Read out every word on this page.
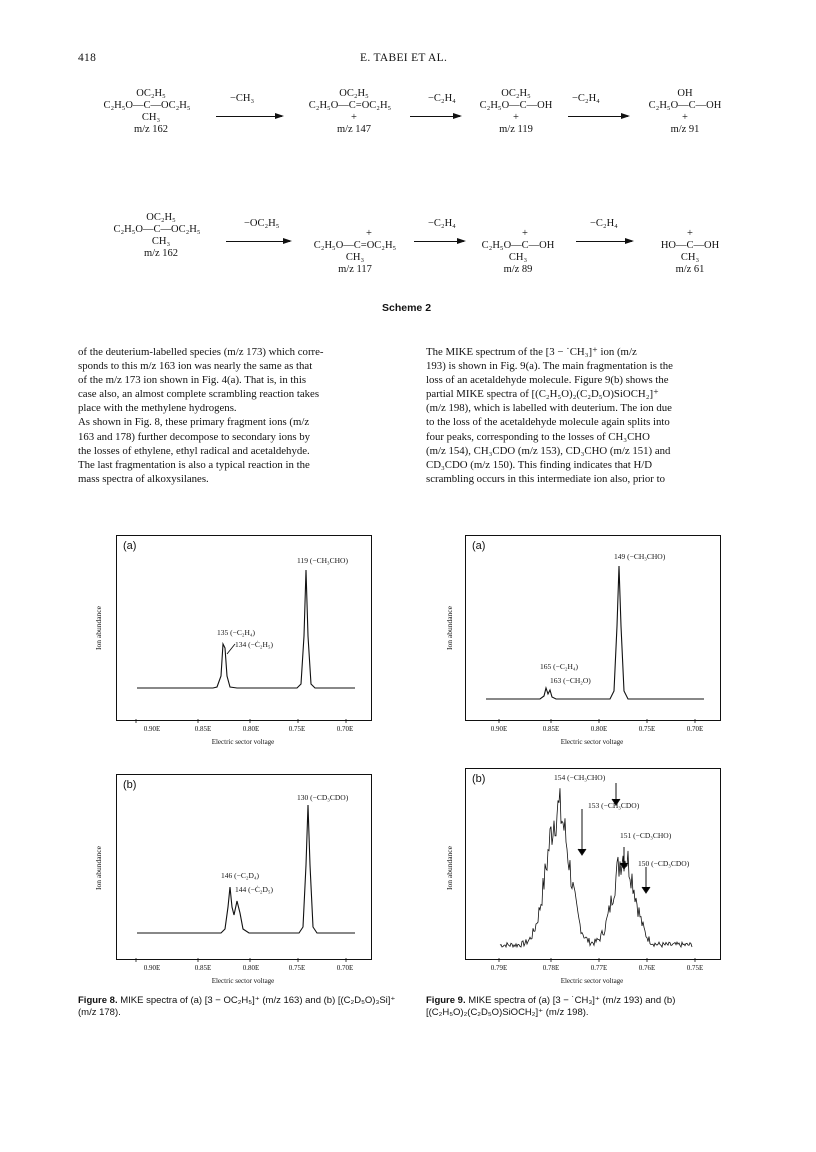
418	E. TABEI ET AL.
OC₂H₅
C₂H₅O—C—OC₂H₅
CH₃
m/z 162
−CH₃	OC₂H₅
C₂H₅O—C=OC₂H₅
+
m/z 147
−C₂H₄	OC₂H₅
C₂H₅O—C—OH
+
m/z 119
−C₂H₄	OH
C₂H₅O—C—OH
+
m/z 91
OC₂H₅
C₂H₅O—C—OC₂H₅
CH₃
m/z 162
−OC₂H₅
+
C₂H₅O—C=OC₂H₅
CH₃
m/z 117
−C₂H₄
+
C₂H₅O—C—OH
CH₃
m/z 89
−C₂H₄
+
HO—C—OH
CH₃
m/z 61
Scheme 2
of the deuterium-labelled species (m/z 173) which corre-
sponds to this m/z 163 ion was nearly the same as that
of the m/z 173 ion shown in Fig. 4(a). That is, in this
case also, an almost complete scrambling reaction takes
place with the methylene hydrogens.
As shown in Fig. 8, these primary fragment ions (m/z
163 and 178) further decompose to secondary ions by
the losses of ethylene, ethyl radical and acetaldehyde.
The last fragmentation is also a typical reaction in the
mass spectra of alkoxysilanes.
The MIKE spectrum of the [3 − ˙CH₃]⁺ ion (m/z
193) is shown in Fig. 9(a). The main fragmentation is the
loss of an acetaldehyde molecule. Figure 9(b) shows the
partial MIKE spectra of [(C₂H₅O)₂(C₂D₅O)SiOCH₂]⁺
(m/z 198), which is labelled with deuterium. The ion due
to the loss of the acetaldehyde molecule again splits into
four peaks, corresponding to the losses of CH₃CHO
(m/z 154), CH₃CDO (m/z 153), CD₃CHO (m/z 151) and
CD₃CDO (m/z 150). This finding indicates that H/D
scrambling occurs in this intermediate ion also, prior to
(a)
119 (−CH₃CHO)
135 (−C₂H₄)
134 (−Ċ₂H₅)
Ion abundance
0.90E	0.85E	0.80E	0.75E	0.70E
Electric sector voltage
(b)
130 (−CD₃CDO)
146 (−C₂D₄)
144 (−Ċ₂D₅)
Ion abundance
0.90E	0.85E	0.80E	0.75E	0.70E
Electric sector voltage
Figure 8. MIKE spectra of (a) [3 − OC₂H₅]⁺ (m/z 163) and (b) [(C₂D₅O)₃Si]⁺ (m/z 178).
(a)
149 (−CH₃CHO)
165 (−C₂H₄)
163 (−CH₂O)
Ion abundance
0.90E	0.85E	0.80E	0.75E	0.70E
Electric sector voltage
(b)	154 (−CH₃CHO)
153 (−CH₃CDO)
151 (−CD₃CHO)
150 (−CD₃CDO)
Ion abundance
0.79E	0.78E	0.77E	0.76E	0.75E
Electric sector voltage
Figure 9. MIKE spectra of (a) [3 − ˙CH₃]⁺ (m/z 193) and (b) [(C₂H₅O)₂(C₂D₅O)SiOCH₂]⁺ (m/z 198).
